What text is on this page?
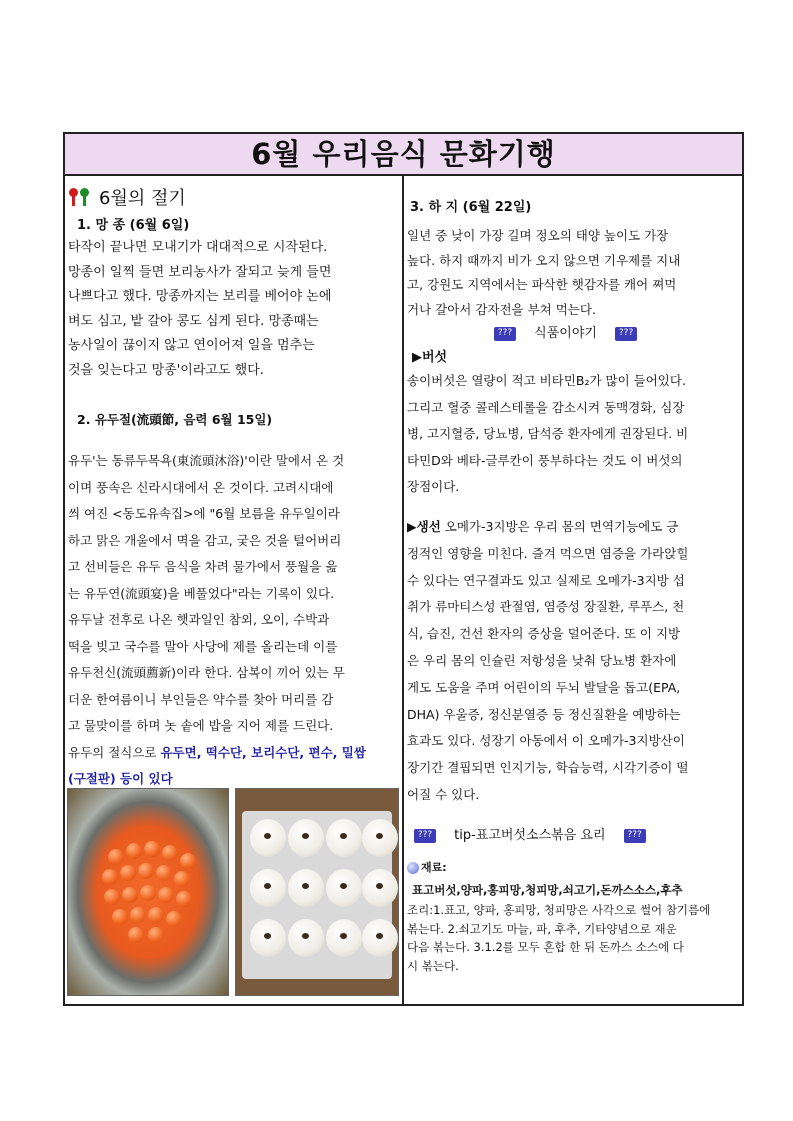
6월 우리음식 문화기행
6월의 절기
1. 망 종 (6월 6일)
타작이 끝나면 모내기가 대대적으로 시작된다.
망종이 일찍 들면 보리농사가 잘되고 늦게 들면
나쁘다고 했다. 망종까지는 보리를 베어야 논에
벼도 심고, 밭 갈아 콩도 심게 된다. 망종때는
농사일이 끊이지 않고 연이어져 일을 멈추는
것을 잊는다고 망종'이라고도 했다.
2. 유두절(流頭節, 음력 6월 15일)
유두'는 동류두목욕(東流頭沐浴)'이란 말에서 온 것
이며 풍속은 신라시대에서 온 것이다. 고려시대에
씌 여진 <동도유속집>에 "6월 보름을 유두일이라
하고 맑은 개울에서 멱을 감고, 궂은 것을 털어버리
고 선비들은 유두 음식을 차려 물가에서 풍월을 읊
는 유두연(流頭宴)을 베풀었다"라는 기록이 있다.
유두날 전후로 나온 햇과일인 참외, 오이, 수박과
떡을 빚고 국수를 말아 사당에 제를 올리는데 이를
유두천신(流頭薦新)이라 한다. 삼복이 끼어 있는 무
더운 한여름이니 부인들은 약수를 찾아 머리를 감
고 물맞이를 하며 놋 솥에 밥을 지어 제를 드린다.
유두의 절식으로 유두면, 떡수단, 보리수단, 편수, 밀쌈
(구절판) 등이 있다
3. 하 지 (6월 22일)
일년 중 낮이 가장 길며 정오의 태양 높이도 가장
높다. 하지 때까지 비가 오지 않으면 기우제를 지내
고, 강원도 지역에서는 파삭한 햇감자를 캐어 쪄먹
거나 갈아서 감자전을 부쳐 먹는다.
??? 식품이야기 ???
▶버섯
송이버섯은 열량이 적고 비타민B₂가 많이 들어있다.
그리고 혈중 콜레스테롤을 감소시켜 동맥경화, 심장
병, 고지혈증, 당뇨병, 담석증 환자에게 권장된다. 비
타민D와 베타-글루칸이 풍부하다는 것도 이 버섯의
장점이다.
▶생선 오메가-3지방은 우리 몸의 면역기능에도 긍
정적인 영향을 미친다. 즐겨 먹으면 염증을 가라앉힐
수 있다는 연구결과도 있고 실제로 오메가-3지방 섭
취가 류마티스성 관절염, 염증성 장질환, 루푸스, 천
식, 습진, 건선 환자의 증상을 덜어준다. 또 이 지방
은 우리 몸의 인슐린 저항성을 낮춰 당뇨병 환자에
게도 도움을 주며 어린이의 두뇌 발달을 돕고(EPA,
DHA) 우울증, 정신분열증 등 정신질환을 예방하는
효과도 있다. 성장기 아동에서 이 오메가-3지방산이
장기간 결핍되면 인지기능, 학습능력, 시각기증이 떨
어질 수 있다.
??? tip-표고버섯소스볶음 요리 ???
재료:
표고버섯,양파,홍피망,청피망,쇠고기,돈까스소스,후추
조리:1.표고, 양파, 홍피망, 청피망은 사각으로 썰어 참기름에
볶는다. 2.쇠고기도 마늘, 파, 후추, 기타양념으로 재운
다음 볶는다. 3.1.2를 모두 혼합 한 뒤 돈까스 소스에 다
시 볶는다.
